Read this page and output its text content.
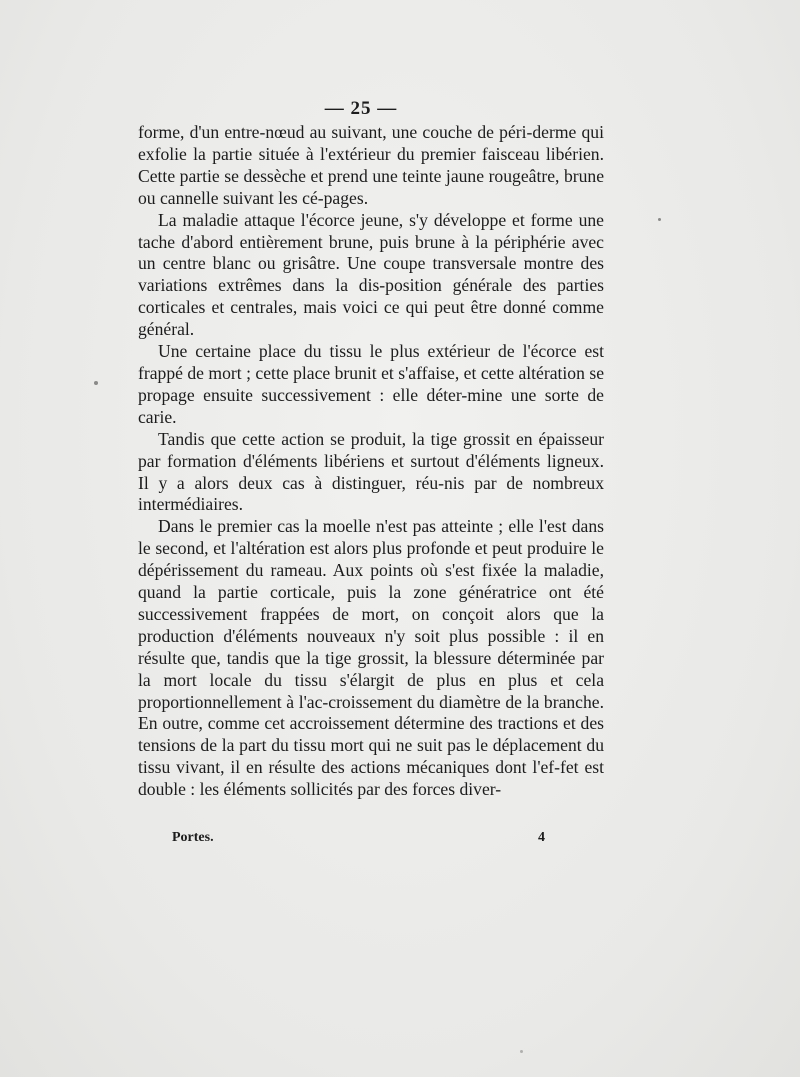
— 25 —

forme, d'un entre-nœud au suivant, une couche de péri-derme qui exfolie la partie située à l'extérieur du premier faisceau libérien. Cette partie se dessèche et prend une teinte jaune rougeâtre, brune ou cannelle suivant les cé-pages.

La maladie attaque l'écorce jeune, s'y développe et forme une tache d'abord entièrement brune, puis brune à la périphérie avec un centre blanc ou grisâtre. Une coupe transversale montre des variations extrêmes dans la dis-position générale des parties corticales et centrales, mais voici ce qui peut être donné comme général.

Une certaine place du tissu le plus extérieur de l'écorce est frappé de mort ; cette place brunit et s'affaise, et cette altération se propage ensuite successivement : elle déter-mine une sorte de carie.

Tandis que cette action se produit, la tige grossit en épaisseur par formation d'éléments libériens et surtout d'éléments ligneux. Il y a alors deux cas à distinguer, réu-nis par de nombreux intermédiaires.

Dans le premier cas la moelle n'est pas atteinte ; elle l'est dans le second, et l'altération est alors plus profonde et peut produire le dépérissement du rameau. Aux points où s'est fixée la maladie, quand la partie corticale, puis la zone génératrice ont été successivement frappées de mort, on conçoit alors que la production d'éléments nouveaux n'y soit plus possible : il en résulte que, tandis que la tige grossit, la blessure déterminée par la mort locale du tissu s'élargit de plus en plus et cela proportionnellement à l'ac-croissement du diamètre de la branche. En outre, comme cet accroissement détermine des tractions et des tensions de la part du tissu mort qui ne suit pas le déplacement du tissu vivant, il en résulte des actions mécaniques dont l'ef-fet est double : les éléments sollicités par des forces diver-

Portes.	4
